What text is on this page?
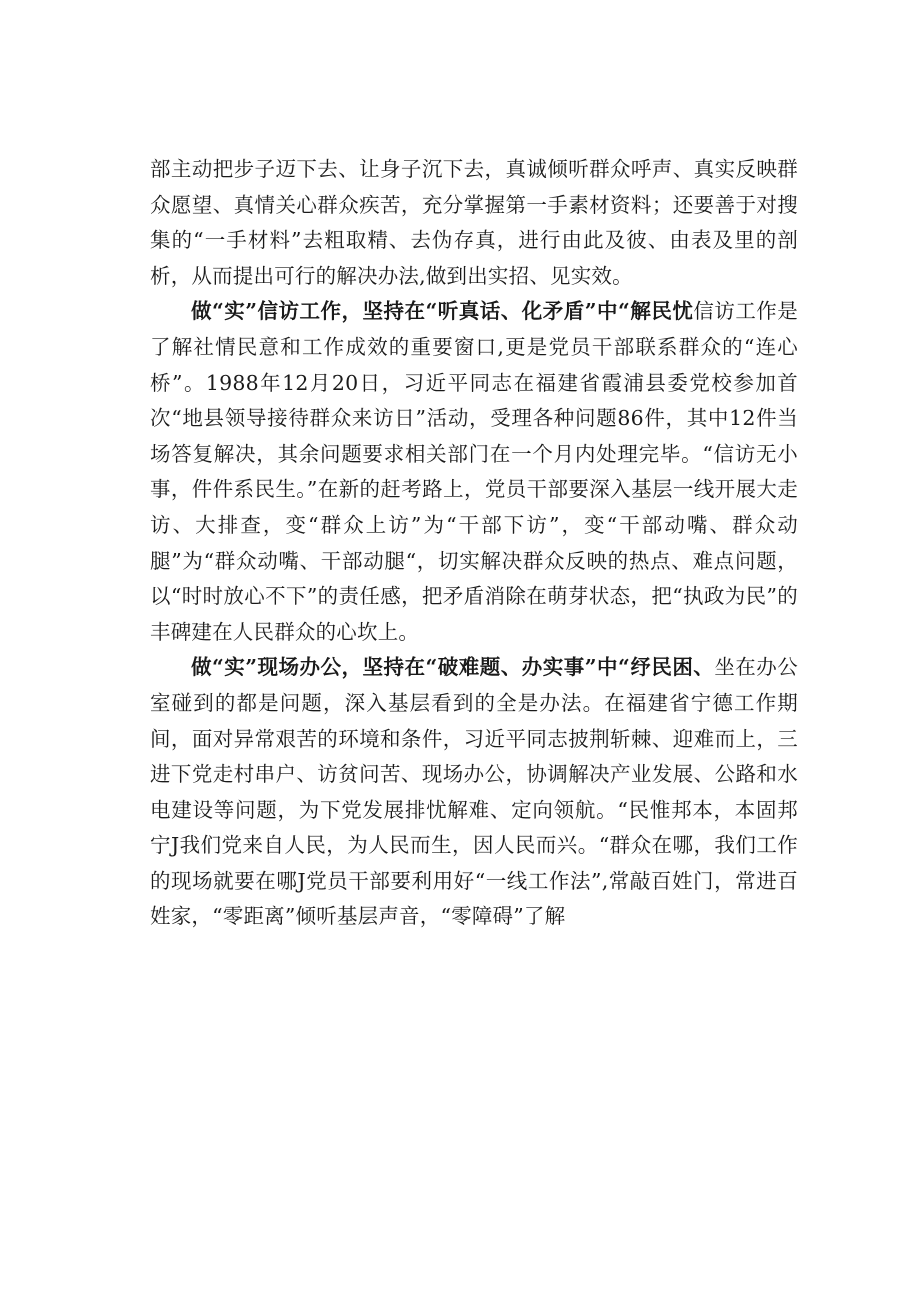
部主动把步子迈下去、让身子沉下去，真诚倾听群众呼声、真实反映群众愿望、真情关心群众疾苦，充分掌握第一手素材资料；还要善于对搜集的“一手材料”去粗取精、去伪存真，进行由此及彼、由表及里的剖析，从而提出可行的解决办法,做到出实招、见实效。

做“实”信访工作，坚持在“听真话、化矛盾”中“解民忧信访工作是了解社情民意和工作成效的重要窗口,更是党员干部联系群众的“连心桥”。1988年12月20日，习近平同志在福建省霞浦县委党校参加首次“地县领导接待群众来访日”活动，受理各种问题86件，其中12件当场答复解决，其余问题要求相关部门在一个月内处理完毕。“信访无小事，件件系民生。”在新的赶考路上，党员干部要深入基层一线开展大走访、大排查，变“群众上访”为“干部下访”，变“干部动嘴、群众动腿”为“群众动嘴、干部动腿“，切实解决群众反映的热点、难点问题，以“时时放心不下”的责任感，把矛盾消除在萌芽状态，把“执政为民”的丰碑建在人民群众的心坎上。

做“实”现场办公，坚持在“破难题、办实事”中“纾民困、坐在办公室碰到的都是问题，深入基层看到的全是办法。在福建省宁德工作期间，面对异常艰苦的环境和条件，习近平同志披荆斩棘、迎难而上，三进下党走村串户、访贫问苦、现场办公，协调解决产业发展、公路和水电建设等问题，为下党发展排忧解难、定向领航。“民惟邦本，本固邦宁J我们党来自人民，为人民而生，因人民而兴。“群众在哪，我们工作的现场就要在哪J党员干部要利用好“一线工作法”,常敲百姓门，常进百姓家，“零距离”倾听基层声音，“零障碍”了解
